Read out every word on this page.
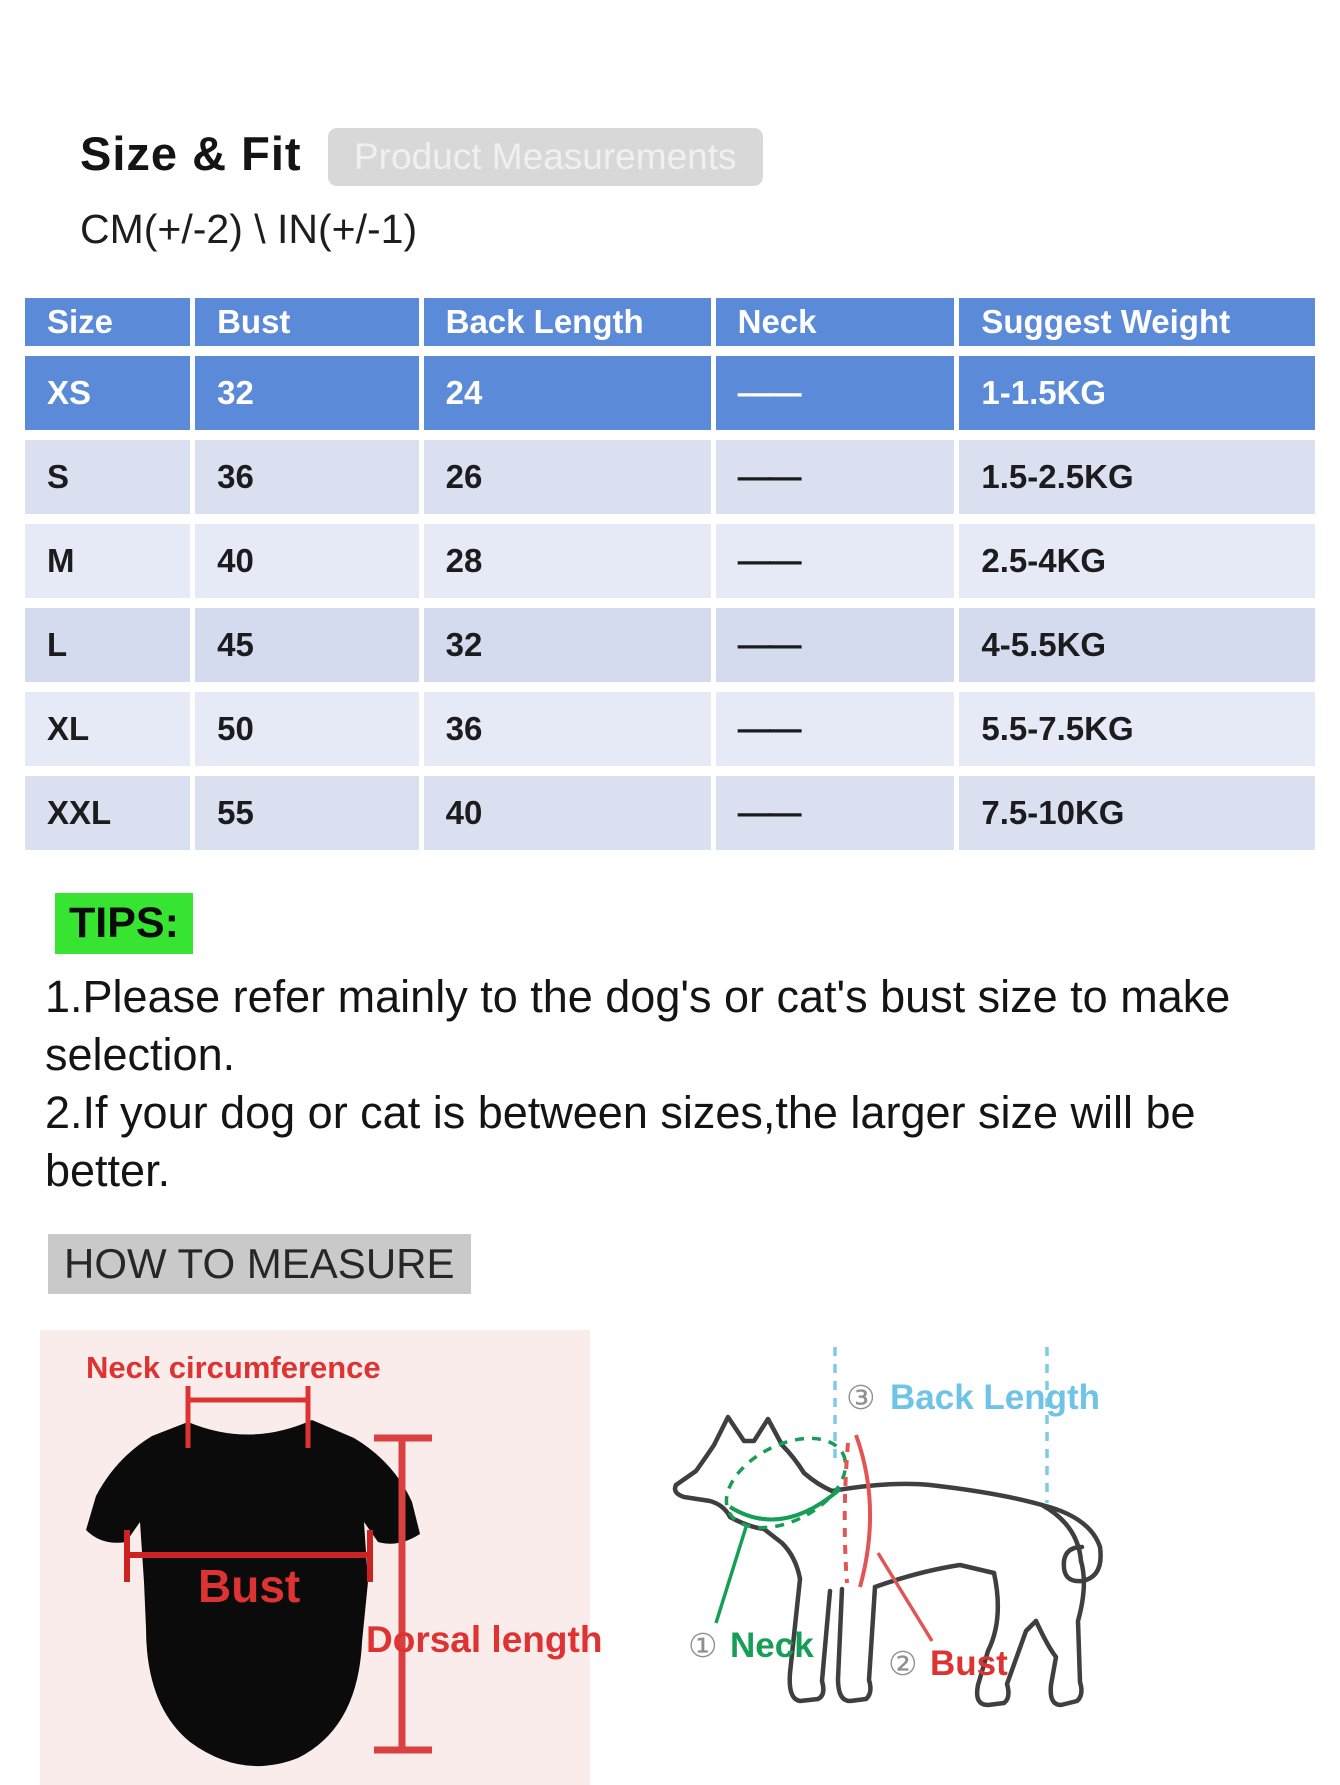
Size & Fit	Product Measurements
CM(+/-2) \ IN(+/-1)
Size	Bust	Back Length	Neck	Suggest Weight
XS	32	24	——	1-1.5KG
S	36	26	——	1.5-2.5KG
M	40	28	——	2.5-4KG
L	45	32	——	4-5.5KG
XL	50	36	——	5.5-7.5KG
XXL	55	40	——	7.5-10KG
TIPS:
1.Please refer mainly to the dog's or cat's bust size to make selection.
2.If your dog or cat is between sizes,the larger size will be better.
HOW TO MEASURE
Neck circumference
Bust
Dorsal length
③ Back Length
① Neck ② Bust
